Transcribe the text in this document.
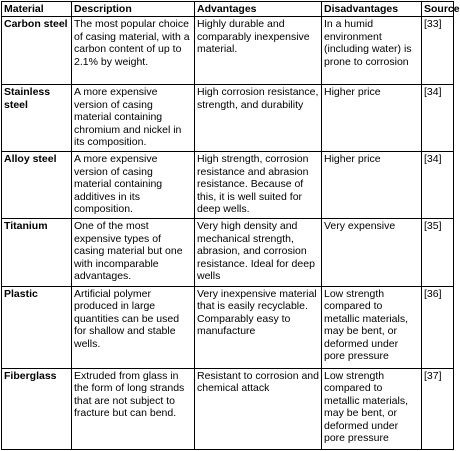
Material	Description	Advantages	Disadvantages	Source
Carbon steel	The most popular choice of casing material, with a carbon content of up to 2.1% by weight.	Highly durable and comparably inexpensive material.	In a humid environment (including water) is prone to corrosion	[33]
Stainless steel	A more expensive version of casing material containing chromium and nickel in its composition.	High corrosion resistance, strength, and durability	Higher price	[34]
Alloy steel	A more expensive version of casing material containing additives in its composition.	High strength, corrosion resistance and abrasion resistance. Because of this, it is well suited for deep wells.	Higher price	[34]
Titanium	One of the most expensive types of casing material but one with incomparable advantages.	Very high density and mechanical strength, abrasion, and corrosion resistance. Ideal for deep wells	Very expensive	[35]
Plastic	Artificial polymer produced in large quantities can be used for shallow and stable wells.	Very inexpensive material that is easily recyclable. Comparably easy to manufacture	Low strength compared to metallic materials, may be bent, or deformed under pore pressure	[36]
Fiberglass	Extruded from glass in the form of long strands that are not subject to fracture but can bend.	Resistant to corrosion and chemical attack	Low strength compared to metallic materials, may be bent, or deformed under pore pressure	[37]
